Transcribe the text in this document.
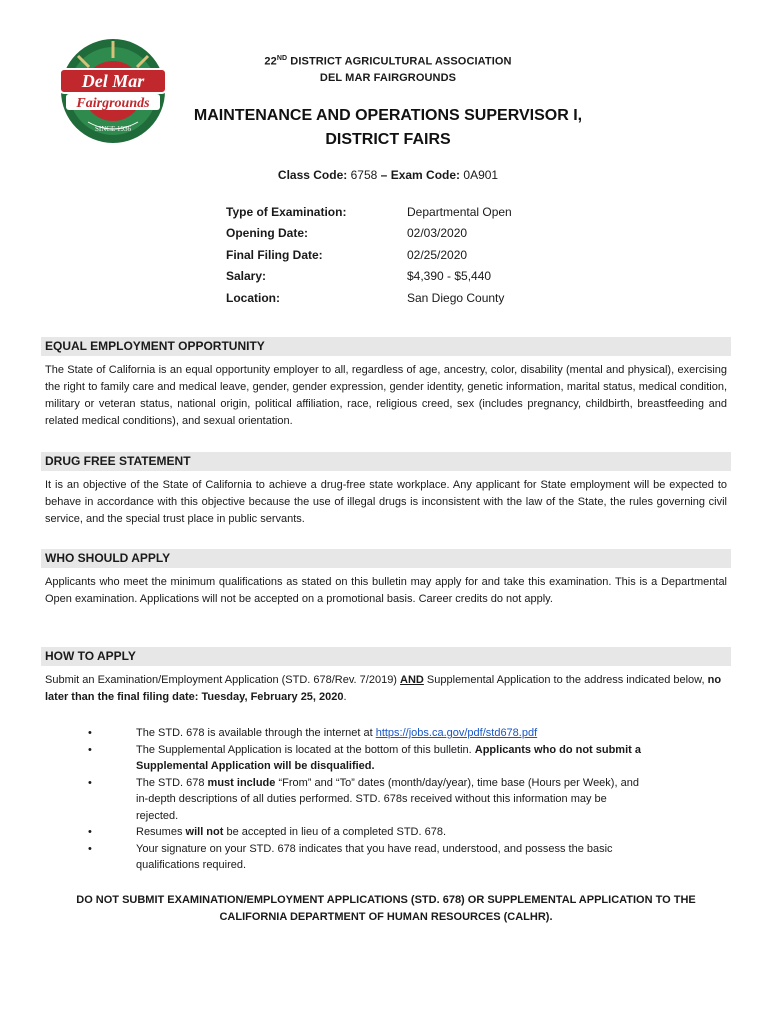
Del Mar
Fairgrounds
SINCE 1936
22ND DISTRICT AGRICULTURAL ASSOCIATION
DEL MAR FAIRGROUNDS
MAINTENANCE AND OPERATIONS SUPERVISOR I,
DISTRICT FAIRS
Class Code: 6758 – Exam Code: 0A901
Type of Examination:	Departmental Open
Opening Date:	02/03/2020
Final Filing Date:	02/25/2020
Salary:	$4,390 - $5,440
Location:	San Diego County
EQUAL EMPLOYMENT OPPORTUNITY
The State of California is an equal opportunity employer to all, regardless of age, ancestry, color, disability (mental and physical), exercising the right to family care and medical leave, gender, gender expression, gender identity, genetic information, marital status, medical condition, military or veteran status, national origin, political affiliation, race, religious creed, sex (includes pregnancy, childbirth, breastfeeding and related medical conditions), and sexual orientation.
DRUG FREE STATEMENT
It is an objective of the State of California to achieve a drug-free state workplace. Any applicant for State employment will be expected to behave in accordance with this objective because the use of illegal drugs is inconsistent with the law of the State, the rules governing civil service, and the special trust place in public servants.
WHO SHOULD APPLY
Applicants who meet the minimum qualifications as stated on this bulletin may apply for and take this examination. This is a Departmental Open examination. Applications will not be accepted on a promotional basis. Career credits do not apply.
HOW TO APPLY
Submit an Examination/Employment Application (STD. 678/Rev. 7/2019) AND Supplemental Application to the address indicated below, no later than the final filing date: Tuesday, February 25, 2020.
•	The STD. 678 is available through the internet at https://jobs.ca.gov/pdf/std678.pdf
•	The Supplemental Application is located at the bottom of this bulletin. Applicants who do not submit a Supplemental Application will be disqualified.
•	The STD. 678 must include “From” and “To” dates (month/day/year), time base (Hours per Week), and in-depth descriptions of all duties performed. STD. 678s received without this information may be rejected.
•	Resumes will not be accepted in lieu of a completed STD. 678.
•	Your signature on your STD. 678 indicates that you have read, understood, and possess the basic qualifications required.
DO NOT SUBMIT EXAMINATION/EMPLOYMENT APPLICATIONS (STD. 678) OR SUPPLEMENTAL APPLICATION TO THE CALIFORNIA DEPARTMENT OF HUMAN RESOURCES (CALHR).
